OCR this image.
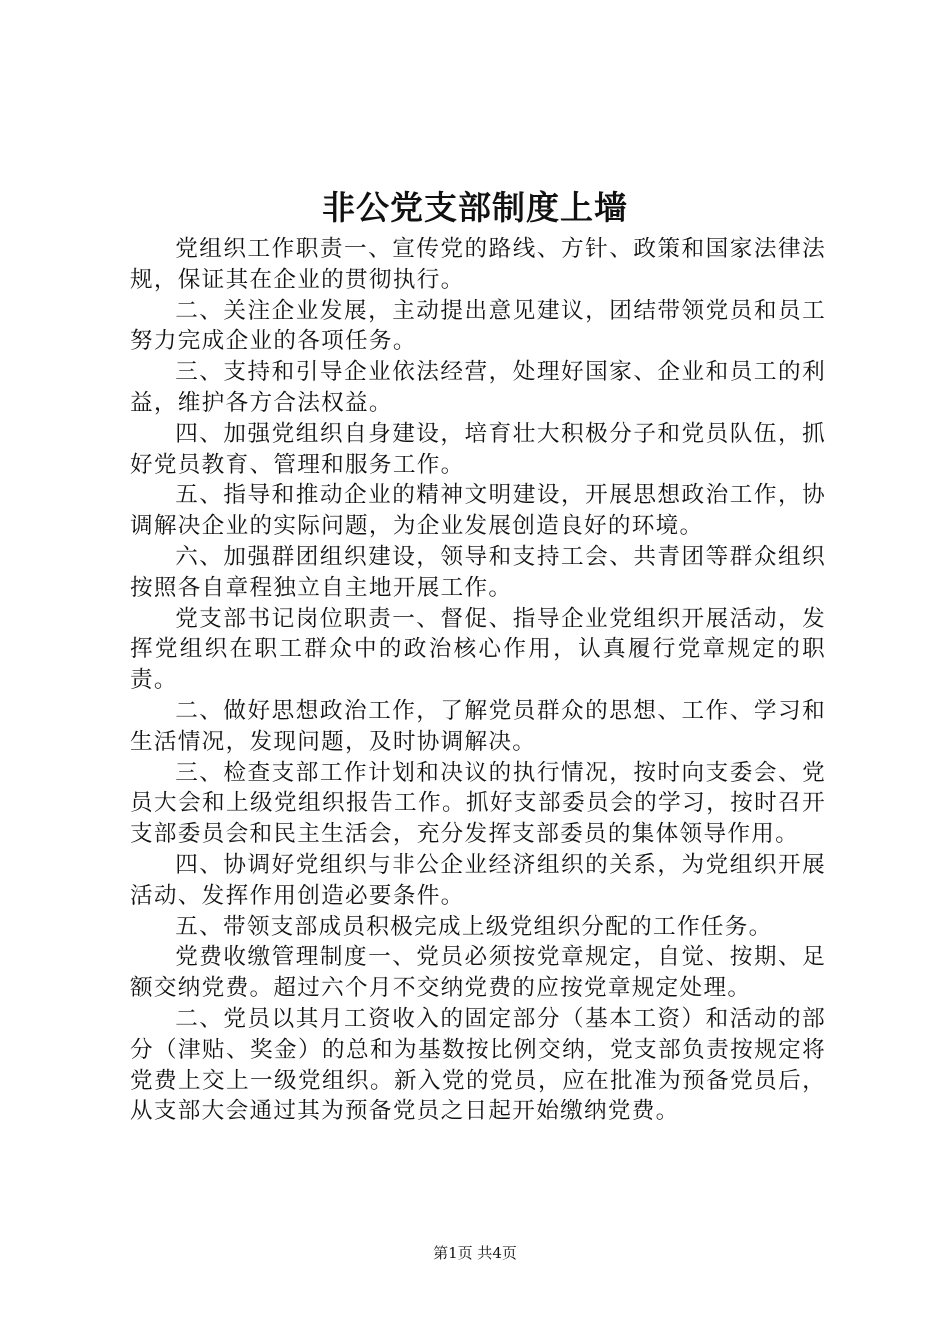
非公党支部制度上墙

党组织工作职责一、宣传党的路线、方针、政策和国家法律法规，保证其在企业的贯彻执行。

二、关注企业发展，主动提出意见建议，团结带领党员和员工努力完成企业的各项任务。

三、支持和引导企业依法经营，处理好国家、企业和员工的利益，维护各方合法权益。

四、加强党组织自身建设，培育壮大积极分子和党员队伍，抓好党员教育、管理和服务工作。

五、指导和推动企业的精神文明建设，开展思想政治工作，协调解决企业的实际问题，为企业发展创造良好的环境。

六、加强群团组织建设，领导和支持工会、共青团等群众组织按照各自章程独立自主地开展工作。

党支部书记岗位职责一、督促、指导企业党组织开展活动，发挥党组织在职工群众中的政治核心作用，认真履行党章规定的职责。

二、做好思想政治工作，了解党员群众的思想、工作、学习和生活情况，发现问题，及时协调解决。

三、检查支部工作计划和决议的执行情况，按时向支委会、党员大会和上级党组织报告工作。抓好支部委员会的学习，按时召开支部委员会和民主生活会，充分发挥支部委员的集体领导作用。

四、协调好党组织与非公企业经济组织的关系，为党组织开展活动、发挥作用创造必要条件。

五、带领支部成员积极完成上级党组织分配的工作任务。

党费收缴管理制度一、党员必须按党章规定，自觉、按期、足额交纳党费。超过六个月不交纳党费的应按党章规定处理。

二、党员以其月工资收入的固定部分（基本工资）和活动的部分（津贴、奖金）的总和为基数按比例交纳，党支部负责按规定将党费上交上一级党组织。新入党的党员，应在批准为预备党员后，从支部大会通过其为预备党员之日起开始缴纳党费。

第1页 共4页
